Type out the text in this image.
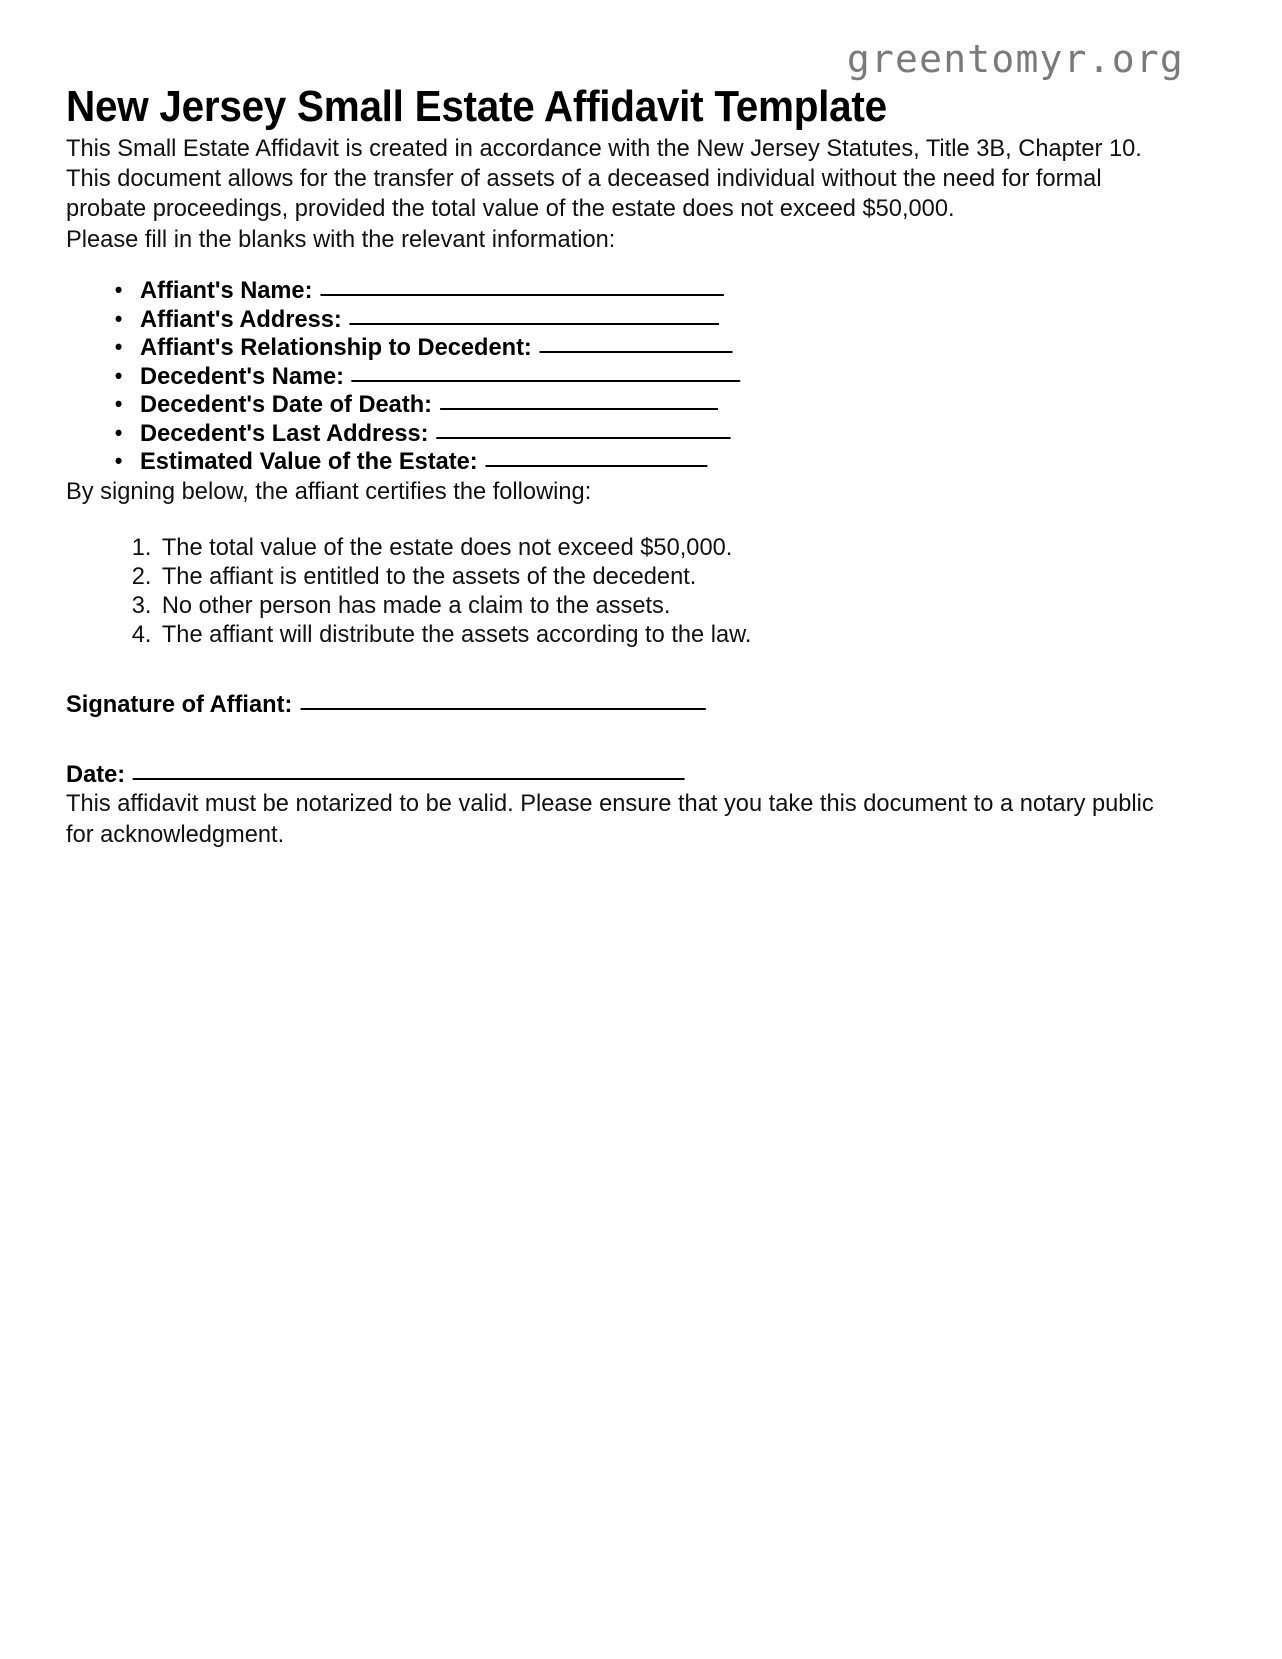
greentomyr.org
New Jersey Small Estate Affidavit Template

This Small Estate Affidavit is created in accordance with the New Jersey Statutes, Title 3B, Chapter 10. This document allows for the transfer of assets of a deceased individual without the need for formal probate proceedings, provided the total value of the estate does not exceed $50,000.

Please fill in the blanks with the relevant information:

• Affiant's Name:
• Affiant's Address:
• Affiant's Relationship to Decedent:
• Decedent's Name:
• Decedent's Date of Death:
• Decedent's Last Address:
• Estimated Value of the Estate:

By signing below, the affiant certifies the following:

1. The total value of the estate does not exceed $50,000.
2. The affiant is entitled to the assets of the decedent.
3. No other person has made a claim to the assets.
4. The affiant will distribute the assets according to the law.
Signature of Affiant:
Date:

This affidavit must be notarized to be valid. Please ensure that you take this document to a notary public for acknowledgment.
